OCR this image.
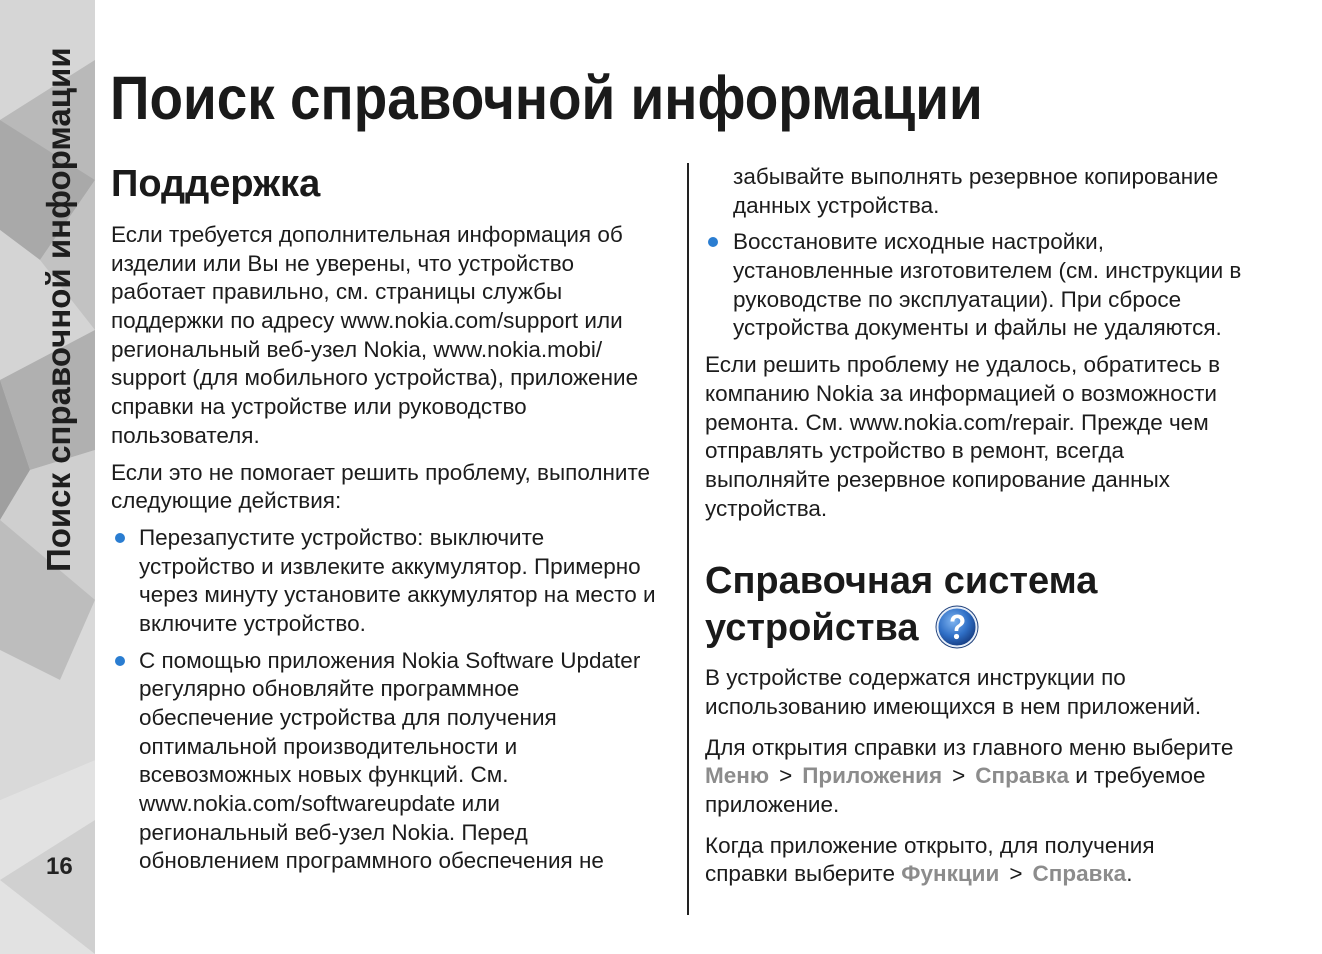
Поиск справочной информации
16
Поиск справочной информации
Поддержка
Если требуется дополнительная информация об
изделии или Вы не уверены, что устройство
работает правильно, см. страницы службы
поддержки по адресу www.nokia.com/support или
региональный веб-узел Nokia, www.nokia.mobi/
support (для мобильного устройства), приложение
справки на устройстве или руководство
пользователя.
Если это не помогает решить проблему, выполните
следующие действия:
Перезапустите устройство: выключите
устройство и извлеките аккумулятор. Примерно
через минуту установите аккумулятор на место и
включите устройство.
С помощью приложения Nokia Software Updater
регулярно обновляйте программное
обеспечение устройства для получения
оптимальной производительности и
всевозможных новых функций. См.
www.nokia.com/softwareupdate или
региональный веб-узел Nokia. Перед
обновлением программного обеспечения не
забывайте выполнять резервное копирование
данных устройства.
Восстановите исходные настройки,
установленные изготовителем (см. инструкции в
руководстве по эксплуатации). При сбросе
устройства документы и файлы не удаляются.
Если решить проблему не удалось, обратитесь в
компанию Nokia за информацией о возможности
ремонта. См. www.nokia.com/repair. Прежде чем
отправлять устройство в ремонт, всегда
выполняйте резервное копирование данных
устройства.
Справочная система
устройства
В устройстве содержатся инструкции по
использованию имеющихся в нем приложений.
Для открытия справки из главного меню выберите
Меню > Приложения > Справка и требуемое
приложение.
Когда приложение открыто, для получения
справки выберите Функции > Справка.
